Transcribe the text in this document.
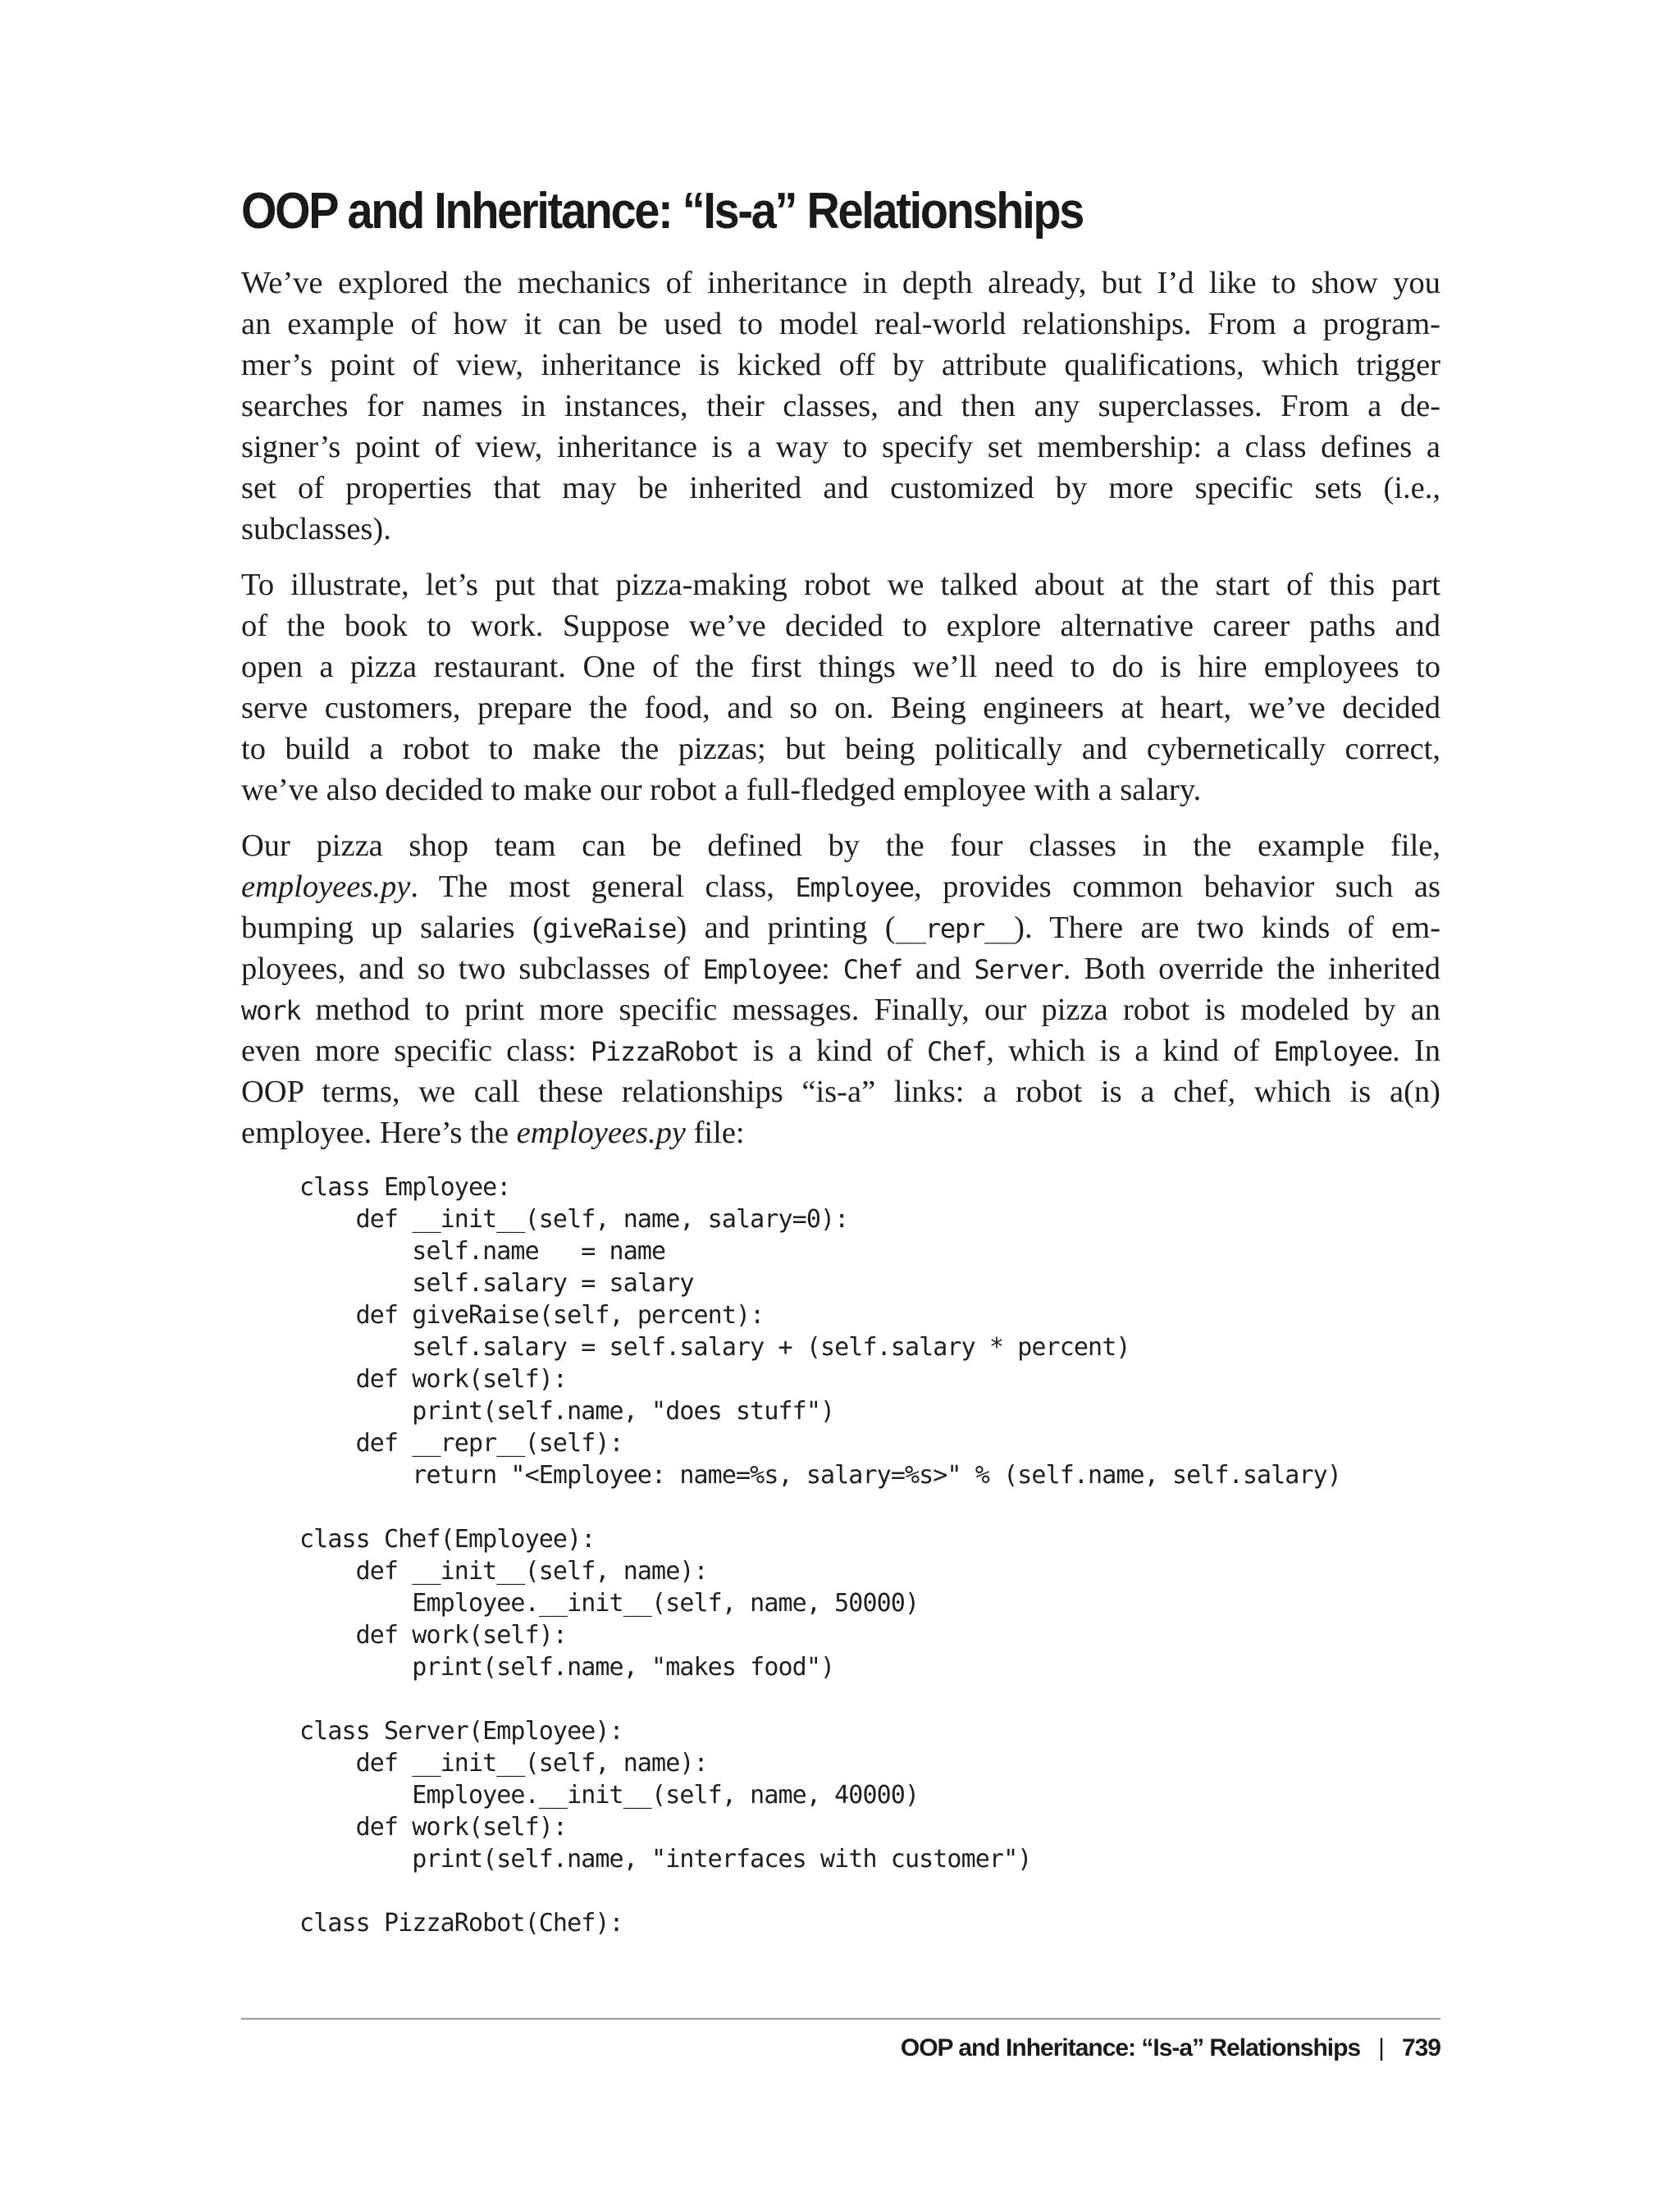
OOP and Inheritance: “Is-a” Relationships
We’ve explored the mechanics of inheritance in depth already, but I’d like to show you
an example of how it can be used to model real-world relationships. From a program-
mer’s point of view, inheritance is kicked off by attribute qualifications, which trigger
searches for names in instances, their classes, and then any superclasses. From a de-
signer’s point of view, inheritance is a way to specify set membership: a class defines a
set of properties that may be inherited and customized by more specific sets (i.e.,
subclasses).
To illustrate, let’s put that pizza-making robot we talked about at the start of this part
of the book to work. Suppose we’ve decided to explore alternative career paths and
open a pizza restaurant. One of the first things we’ll need to do is hire employees to
serve customers, prepare the food, and so on. Being engineers at heart, we’ve decided
to build a robot to make the pizzas; but being politically and cybernetically correct,
we’ve also decided to make our robot a full-fledged employee with a salary.
Our pizza shop team can be defined by the four classes in the example file,
employees.py. The most general class, Employee, provides common behavior such as
bumping up salaries (giveRaise) and printing (__repr__). There are two kinds of em-
ployees, and so two subclasses of Employee: Chef and Server. Both override the inherited
work method to print more specific messages. Finally, our pizza robot is modeled by an
even more specific class: PizzaRobot is a kind of Chef, which is a kind of Employee. In
OOP terms, we call these relationships “is-a” links: a robot is a chef, which is a(n)
employee. Here’s the employees.py file:
class Employee:
def __init__(self, name, salary=0):
self.name   = name
self.salary = salary
def giveRaise(self, percent):
self.salary = self.salary + (self.salary * percent)
def work(self):
print(self.name, "does stuff")
def __repr__(self):
return "<Employee: name=%s, salary=%s>" % (self.name, self.salary)

class Chef(Employee):
def __init__(self, name):
Employee.__init__(self, name, 50000)
def work(self):
print(self.name, "makes food")

class Server(Employee):
def __init__(self, name):
Employee.__init__(self, name, 40000)
def work(self):
print(self.name, "interfaces with customer")

class PizzaRobot(Chef):
OOP and Inheritance: “Is-a” Relationships | 739
